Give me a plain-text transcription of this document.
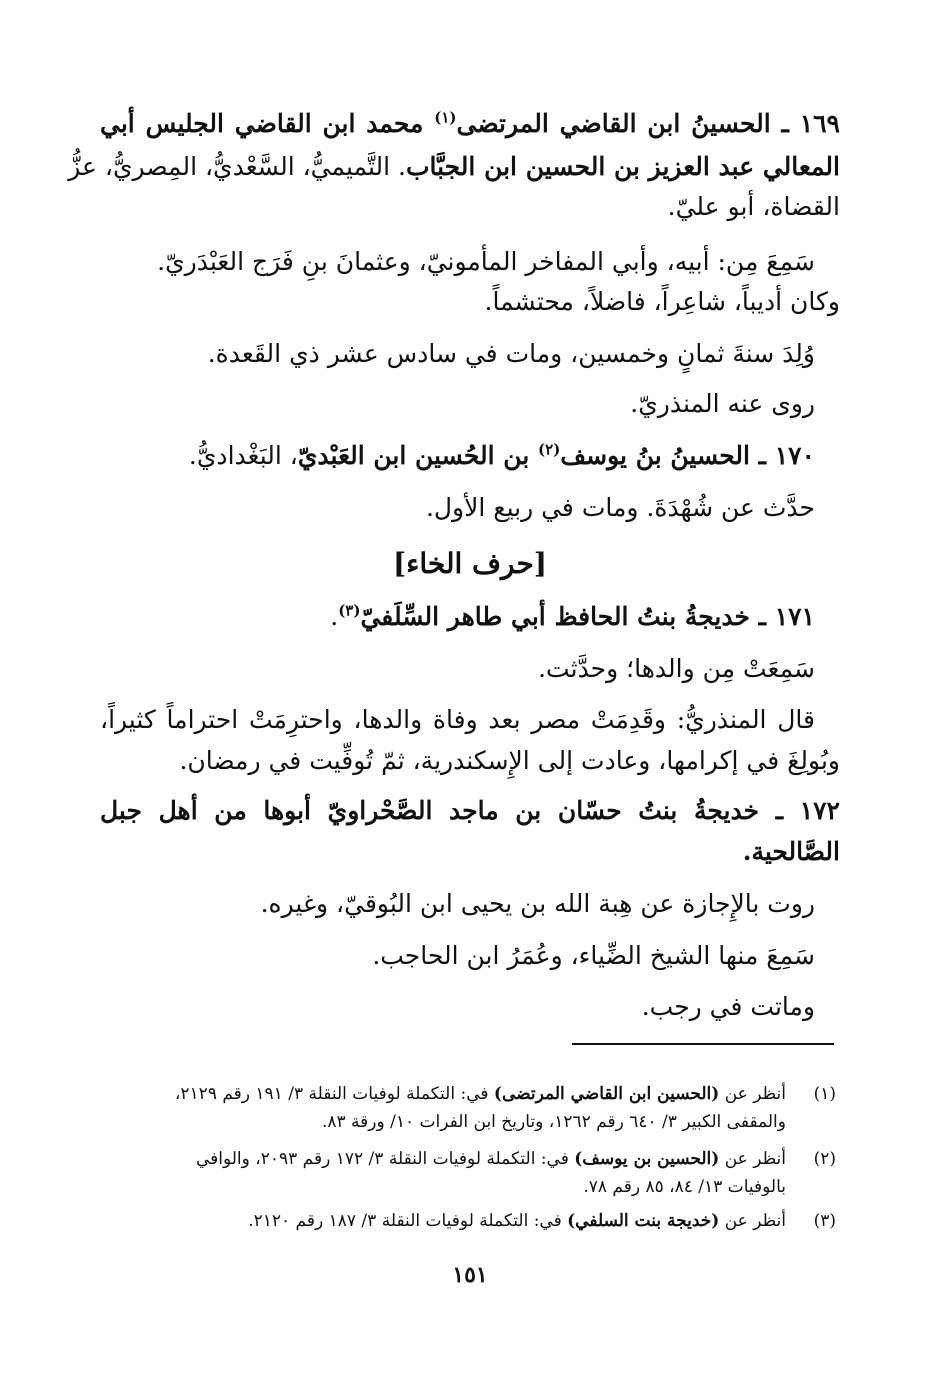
١٦٩ ـ الحسينُ ابن القاضي المرتضى$^{(١)}$ محمد ابن القاضي الجليس أبي
المعالي عبد العزيز بن الحسين ابن الجبَّاب. التَّميميُّ، السَّعْديُّ، المِصريُّ، عزُّ
القضاة، أبو عليّ.
سَمِعَ مِن: أبيه، وأبي المفاخر المأمونيّ، وعثمانَ بنِ فَرَج العَبْدَريّ.
وكان أديباً، شاعِراً، فاضلاً، محتشماً.
وُلِدَ سنةَ ثمانٍ وخمسين، ومات في سادس عشر ذي القَعدة.
روى عنه المنذريّ.
١٧٠ ـ الحسينُ بنُ يوسف$^{(٢)}$ بن الحُسين ابن العَبْديّ، البَغْداديُّ.
حدَّث عن شُهْدَةَ. ومات في ربيع الأول.
[حرف الخاء]
١٧١ ـ خديجةُ بنتُ الحافظ أبي طاهر السِّلَفيّ$^{(٣)}$.
سَمِعَتْ مِن والدها؛ وحدَّثت.
قال المنذريُّ: وقَدِمَتْ مصر بعد وفاة والدها، واحترِمَتْ احتراماً كثيراً،
وبُولِغَ في إكرامها، وعادت إلى الإِسكندرية، ثمّ تُوفِّيت في رمضان.
١٧٢ ـ خديجةُ بنتُ حسّان بن ماجد الصَّحْراويّ أبوها من أهل جبل
الصَّالحية.
روت بالإِجازة عن هِبة الله بن يحيى ابن البُوقيّ، وغيره.
سَمِعَ منها الشيخ الضِّياء، وعُمَرُ ابن الحاجب.
وماتت في رجب.
(١)
أنظر عن (الحسين ابن القاضي المرتضى) في: التكملة لوفيات النقلة ٣/ ١٩١ رقم ٢١٢٩،
والمقفى الكبير ٣/ ٦٤٠ رقم ١٢٦٢، وتاريخ ابن الفرات ١٠/ ورقة ٨٣.
(٢)
أنظر عن (الحسين بن يوسف) في: التكملة لوفيات النقلة ٣/ ١٧٢ رقم ٢٠٩٣، والوافي
بالوفيات ١٣/ ٨٤، ٨٥ رقم ٧٨.
(٣)
أنظر عن (خديجة بنت السلفي) في: التكملة لوفيات النقلة ٣/ ١٨٧ رقم ٢١٢٠.
١٥١
